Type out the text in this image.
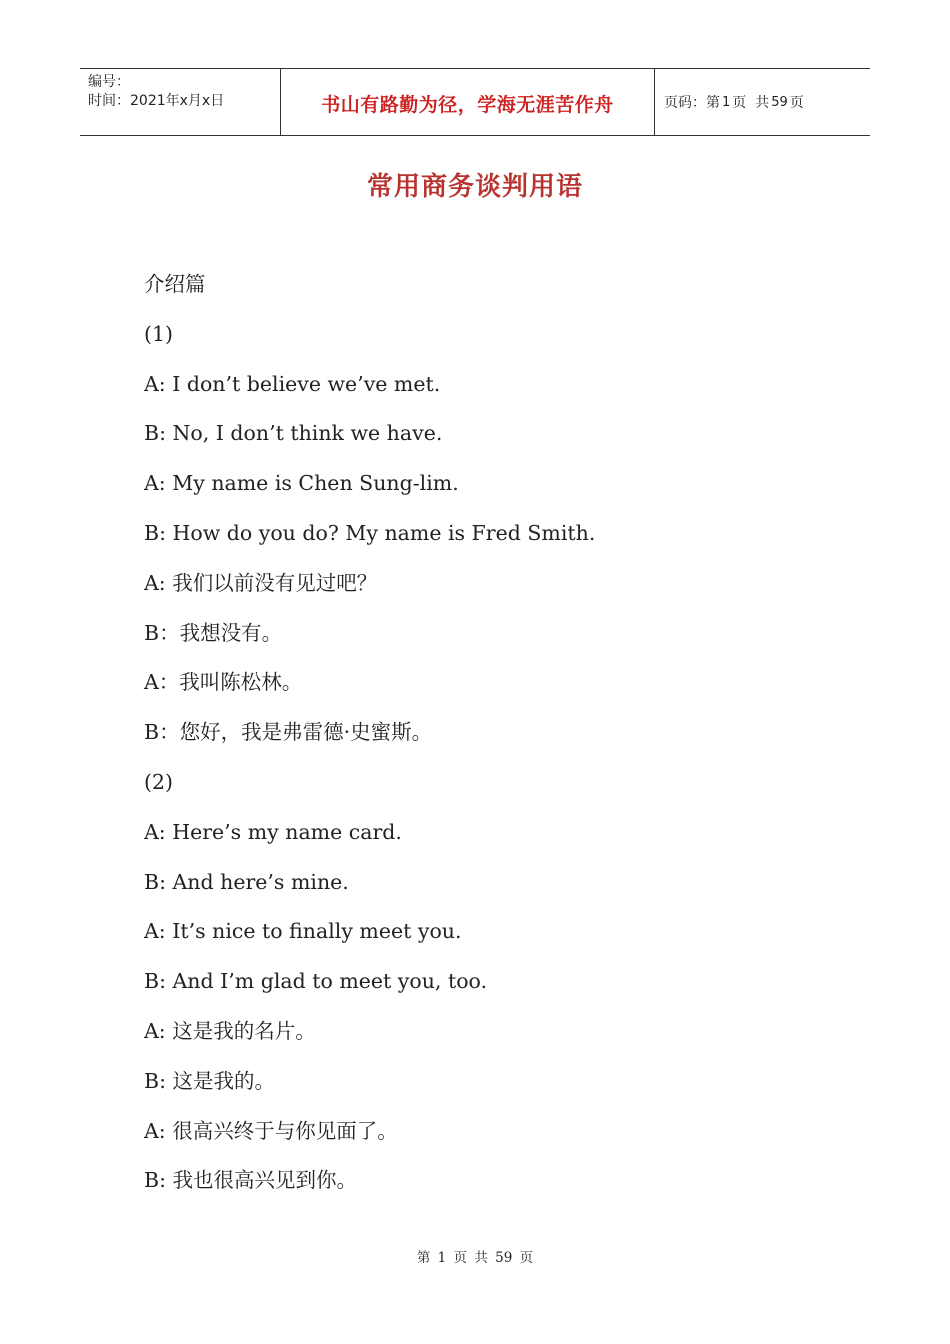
编号：
时间：2021年x月x日	书山有路勤为径，学海无涯苦作舟	页码：第 1 页  共 59 页
常用商务谈判用语
介绍篇
(1)
A: I don’t believe we’ve met.
B: No, I don’t think we have.
A: My name is Chen Sung-lim.
B: How do you do? My name is Fred Smith.
A: 我们以前没有见过吧？
B：我想没有。
A：我叫陈松林。
B：您好，我是弗雷德·史蜜斯。
(2)
A: Here’s my name card.
B: And here’s mine.
A: It’s nice to finally meet you.
B: And I’m glad to meet you, too.
A: 这是我的名片。
B: 这是我的。
A: 很高兴终于与你见面了。
B: 我也很高兴见到你。
第 1 页 共 59 页
